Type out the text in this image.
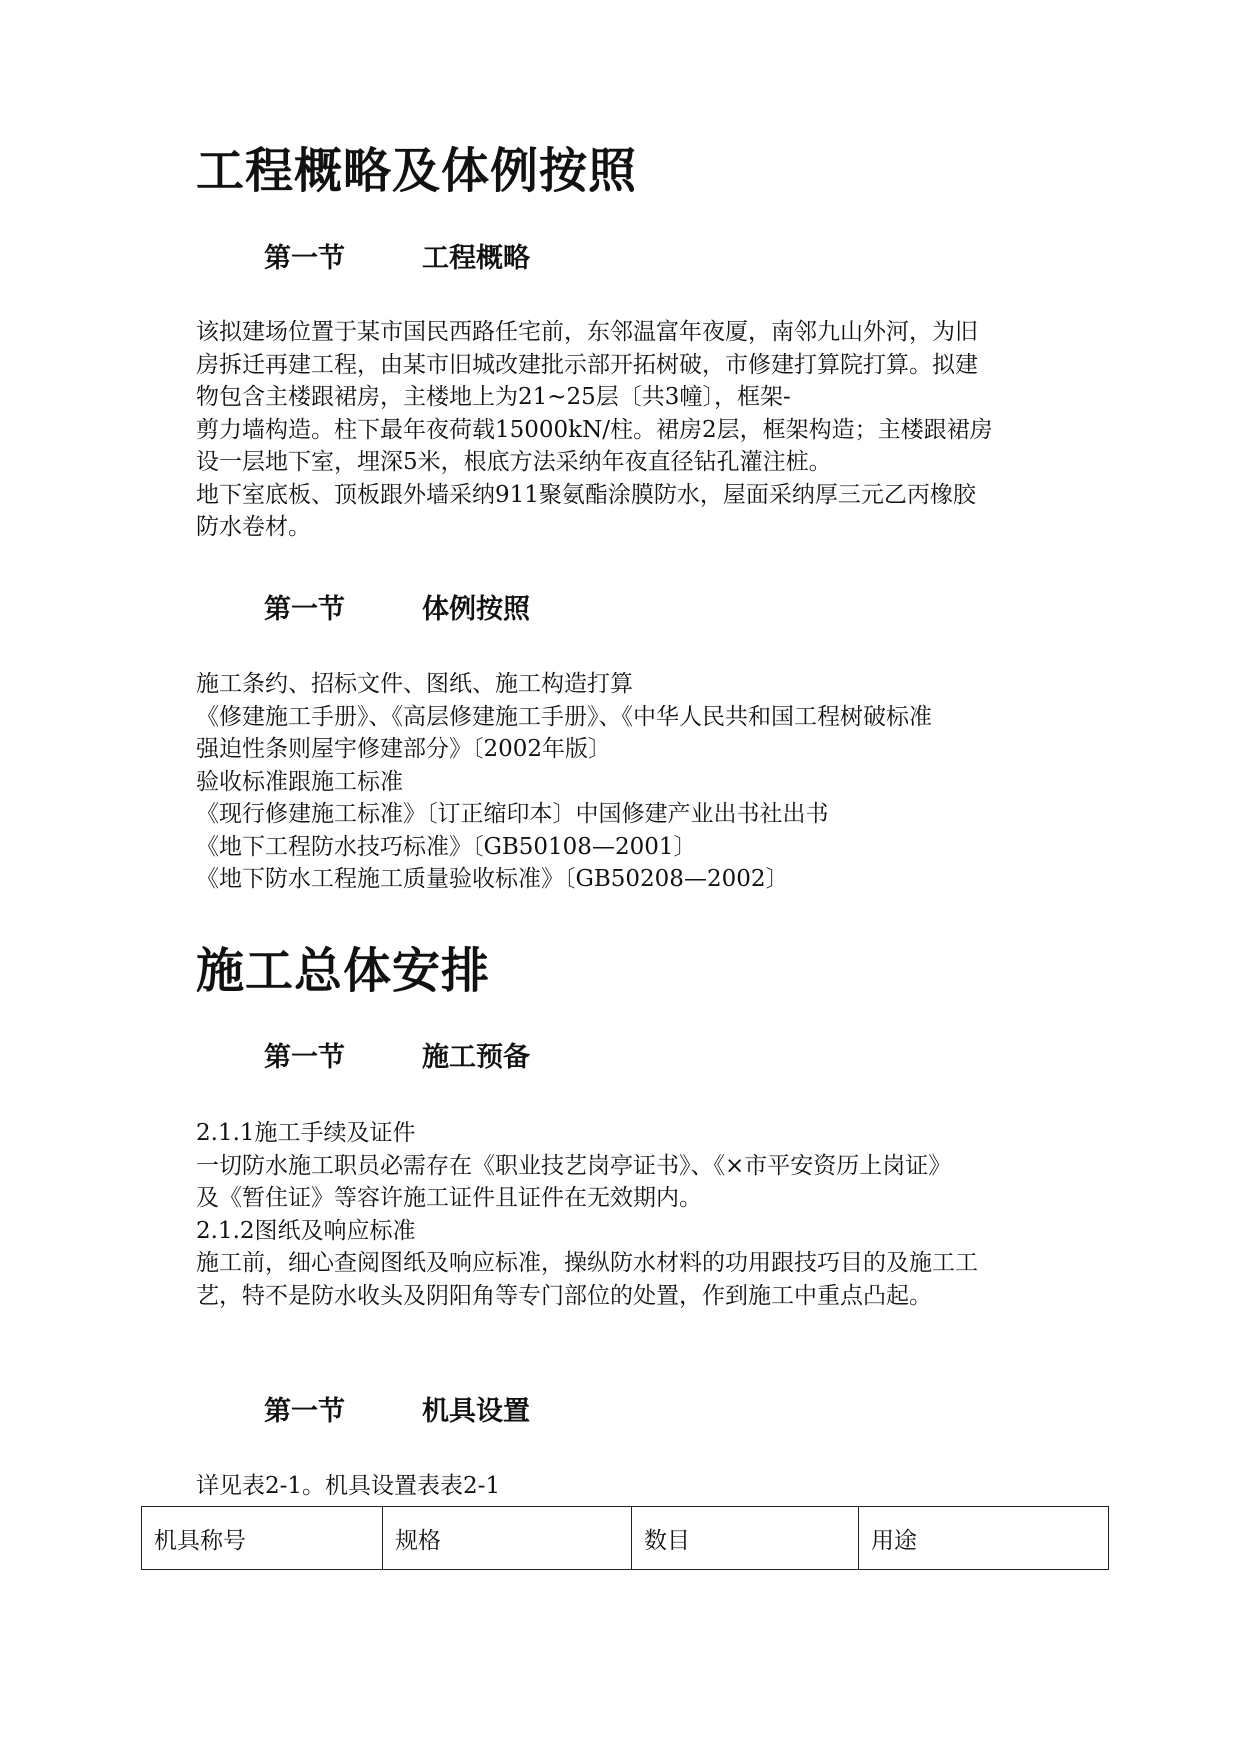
工程概略及体例按照
第一节	工程概略
该拟建场位置于某市国民西路任宅前，东邻温富年夜厦，南邻九山外河，为旧
房拆迁再建工程，由某市旧城改建批示部开拓树破，市修建打算院打算。拟建
物包含主楼跟裙房，主楼地上为21~25层〔共3幢〕，框架-
剪力墙构造。柱下最年夜荷载15000kN/柱。裙房2层，框架构造；主楼跟裙房
设一层地下室，埋深5米，根底方法采纳年夜直径钻孔灌注桩。
地下室底板、顶板跟外墙采纳911聚氨酯涂膜防水，屋面采纳厚三元乙丙橡胶
防水卷材。
第一节	体例按照
施工条约、招标文件、图纸、施工构造打算
《修建施工手册》、《高层修建施工手册》、《中华人民共和国工程树破标准
强迫性条则屋宇修建部分》〔2002年版〕
验收标准跟施工标准
《现行修建施工标准》〔订正缩印本〕中国修建产业出书社出书
《地下工程防水技巧标准》〔GB50108—2001〕
《地下防水工程施工质量验收标准》〔GB50208—2002〕
施工总体安排
第一节	施工预备
2.1.1施工手续及证件
一切防水施工职员必需存在《职业技艺岗亭证书》、《×市平安资历上岗证》
及《暂住证》等容许施工证件且证件在无效期内。
2.1.2图纸及响应标准
施工前，细心查阅图纸及响应标准，操纵防水材料的功用跟技巧目的及施工工
艺，特不是防水收头及阴阳角等专门部位的处置，作到施工中重点凸起。
第一节	机具设置
详见表2-1。机具设置表表2-1
机具称号	规格	数目	用途
